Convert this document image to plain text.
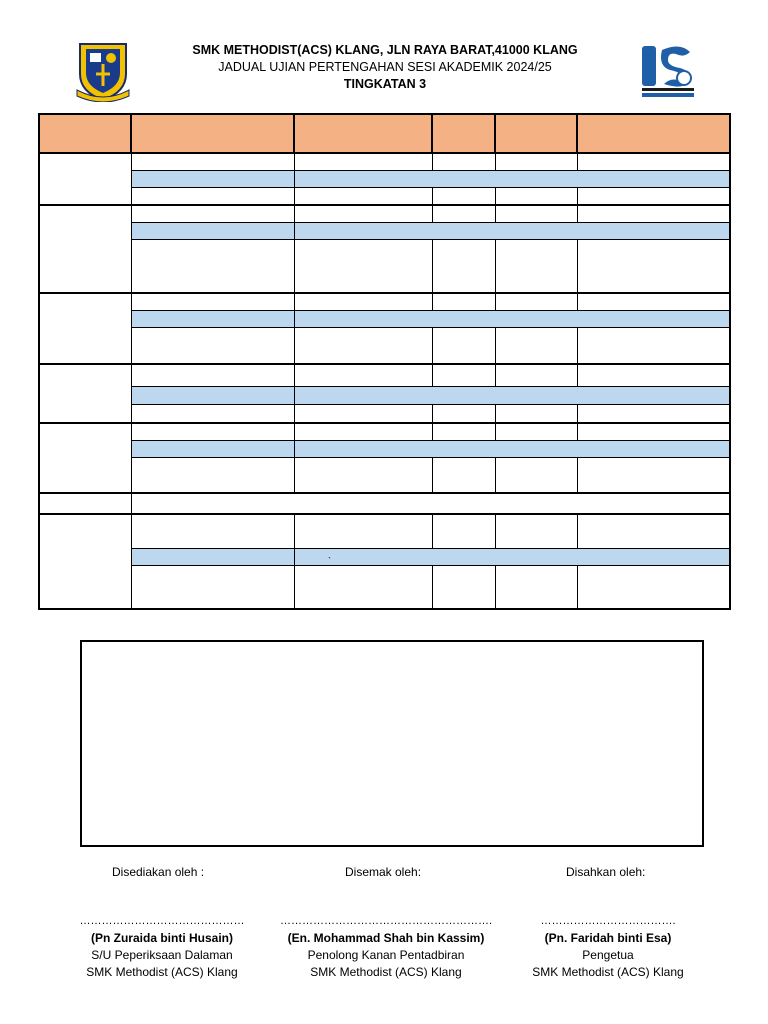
SMK METHODIST(ACS) KLANG, JLN RAYA BARAT,41000 KLANG
JADUAL UJIAN PERTENGAHAN SESI AKADEMIK 2024/25
TINGKATAN 3

`
Disediakan oleh :	Disemak oleh:	Disahkan oleh:
………………………………………
(Pn Zuraida binti Husain)
S/U Peperiksaan Dalaman
SMK Methodist (ACS) Klang
………………………………………………….
(En. Mohammad Shah bin Kassim)
Penolong Kanan Pentadbiran
SMK Methodist (ACS) Klang
……………………………….
(Pn. Faridah binti Esa)
Pengetua
SMK Methodist (ACS) Klang
